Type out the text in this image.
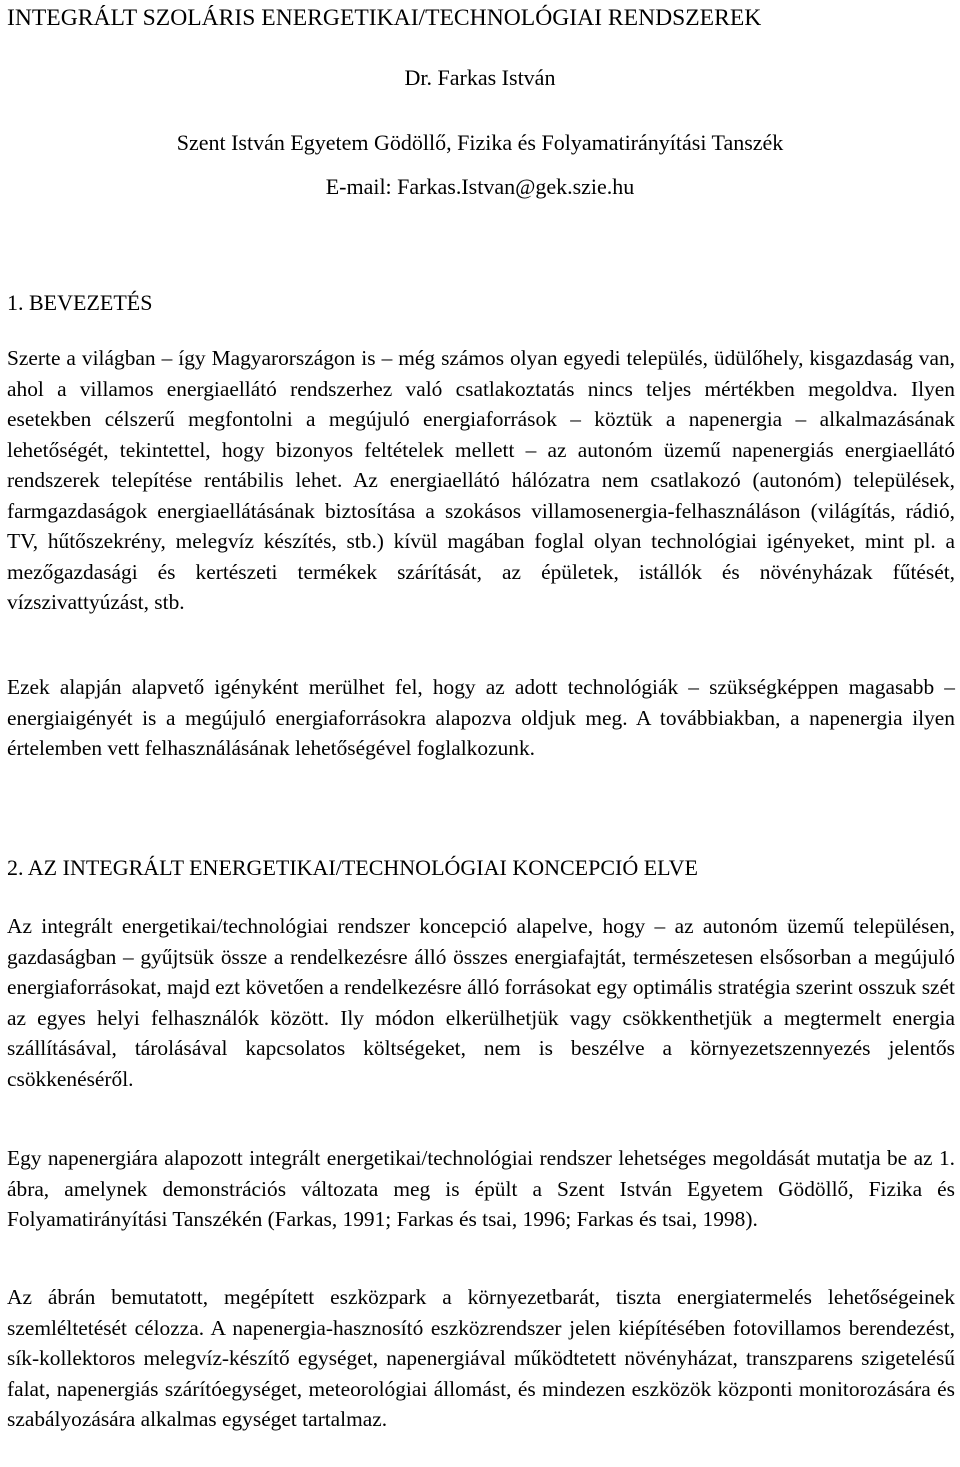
INTEGRÁLT SZOLÁRIS ENERGETIKAI/TECHNOLÓGIAI RENDSZEREK

Dr. Farkas István

Szent István Egyetem Gödöllő, Fizika és Folyamatirányítási Tanszék

E-mail: Farkas.Istvan@gek.szie.hu

1. BEVEZETÉS

Szerte a világban – így Magyarországon is – még számos olyan egyedi település, üdülőhely, kisgazdaság van, ahol a villamos energiaellátó rendszerhez való csatlakoztatás nincs teljes mértékben megoldva. Ilyen esetekben célszerű megfontolni a megújuló energiaforrások – köztük a napenergia – alkalmazásának lehetőségét, tekintettel, hogy bizonyos feltételek mellett – az autonóm üzemű napenergiás energiaellátó rendszerek telepítése rentábilis lehet. Az energiaellátó hálózatra nem csatlakozó (autonóm) települések, farmgazdaságok energiaellátásának biztosítása a szokásos villamosenergia-felhasználáson (világítás, rádió, TV, hűtőszekrény, melegvíz készítés, stb.) kívül magában foglal olyan technológiai igényeket, mint pl. a mezőgazdasági és kertészeti termékek szárítását, az épületek, istállók és növényházak fűtését, vízszivattyúzást, stb.

Ezek alapján alapvető igényként merülhet fel, hogy az adott technológiák – szükségképpen magasabb – energiaigényét is a megújuló energiaforrásokra alapozva oldjuk meg. A továbbiakban, a napenergia ilyen értelemben vett felhasználásának lehetőségével foglalkozunk.

2. AZ INTEGRÁLT ENERGETIKAI/TECHNOLÓGIAI KONCEPCIÓ ELVE

Az integrált energetikai/technológiai rendszer koncepció alapelve, hogy – az autonóm üzemű településen, gazdaságban – gyűjtsük össze a rendelkezésre álló összes energiafajtát, természetesen elsősorban a megújuló energiaforrásokat, majd ezt követően a rendelkezésre álló forrásokat egy optimális stratégia szerint osszuk szét az egyes helyi felhasználók között. Ily módon elkerülhetjük vagy csökkenthetjük a megtermelt energia szállításával, tárolásával kapcsolatos költségeket, nem is beszélve a környezetszennyezés jelentős csökkenéséről.

Egy napenergiára alapozott integrált energetikai/technológiai rendszer lehetséges megoldását mutatja be az 1. ábra, amelynek demonstrációs változata meg is épült a Szent István Egyetem Gödöllő, Fizika és Folyamatirányítási Tanszékén (Farkas, 1991; Farkas és tsai, 1996; Farkas és tsai, 1998).

Az ábrán bemutatott, megépített eszközpark a környezetbarát, tiszta energiatermelés lehetőségeinek szemléltetését célozza. A napenergia-hasznosító eszközrendszer jelen kiépítésében fotovillamos berendezést, sík-kollektoros melegvíz-készítő egységet, napenergiával működtetett növényházat, transzparens szigetelésű falat, napenergiás szárítóegységet, meteorológiai állomást, és mindezen eszközök központi monitorozására és szabályozására alkalmas egységet tartalmaz.
